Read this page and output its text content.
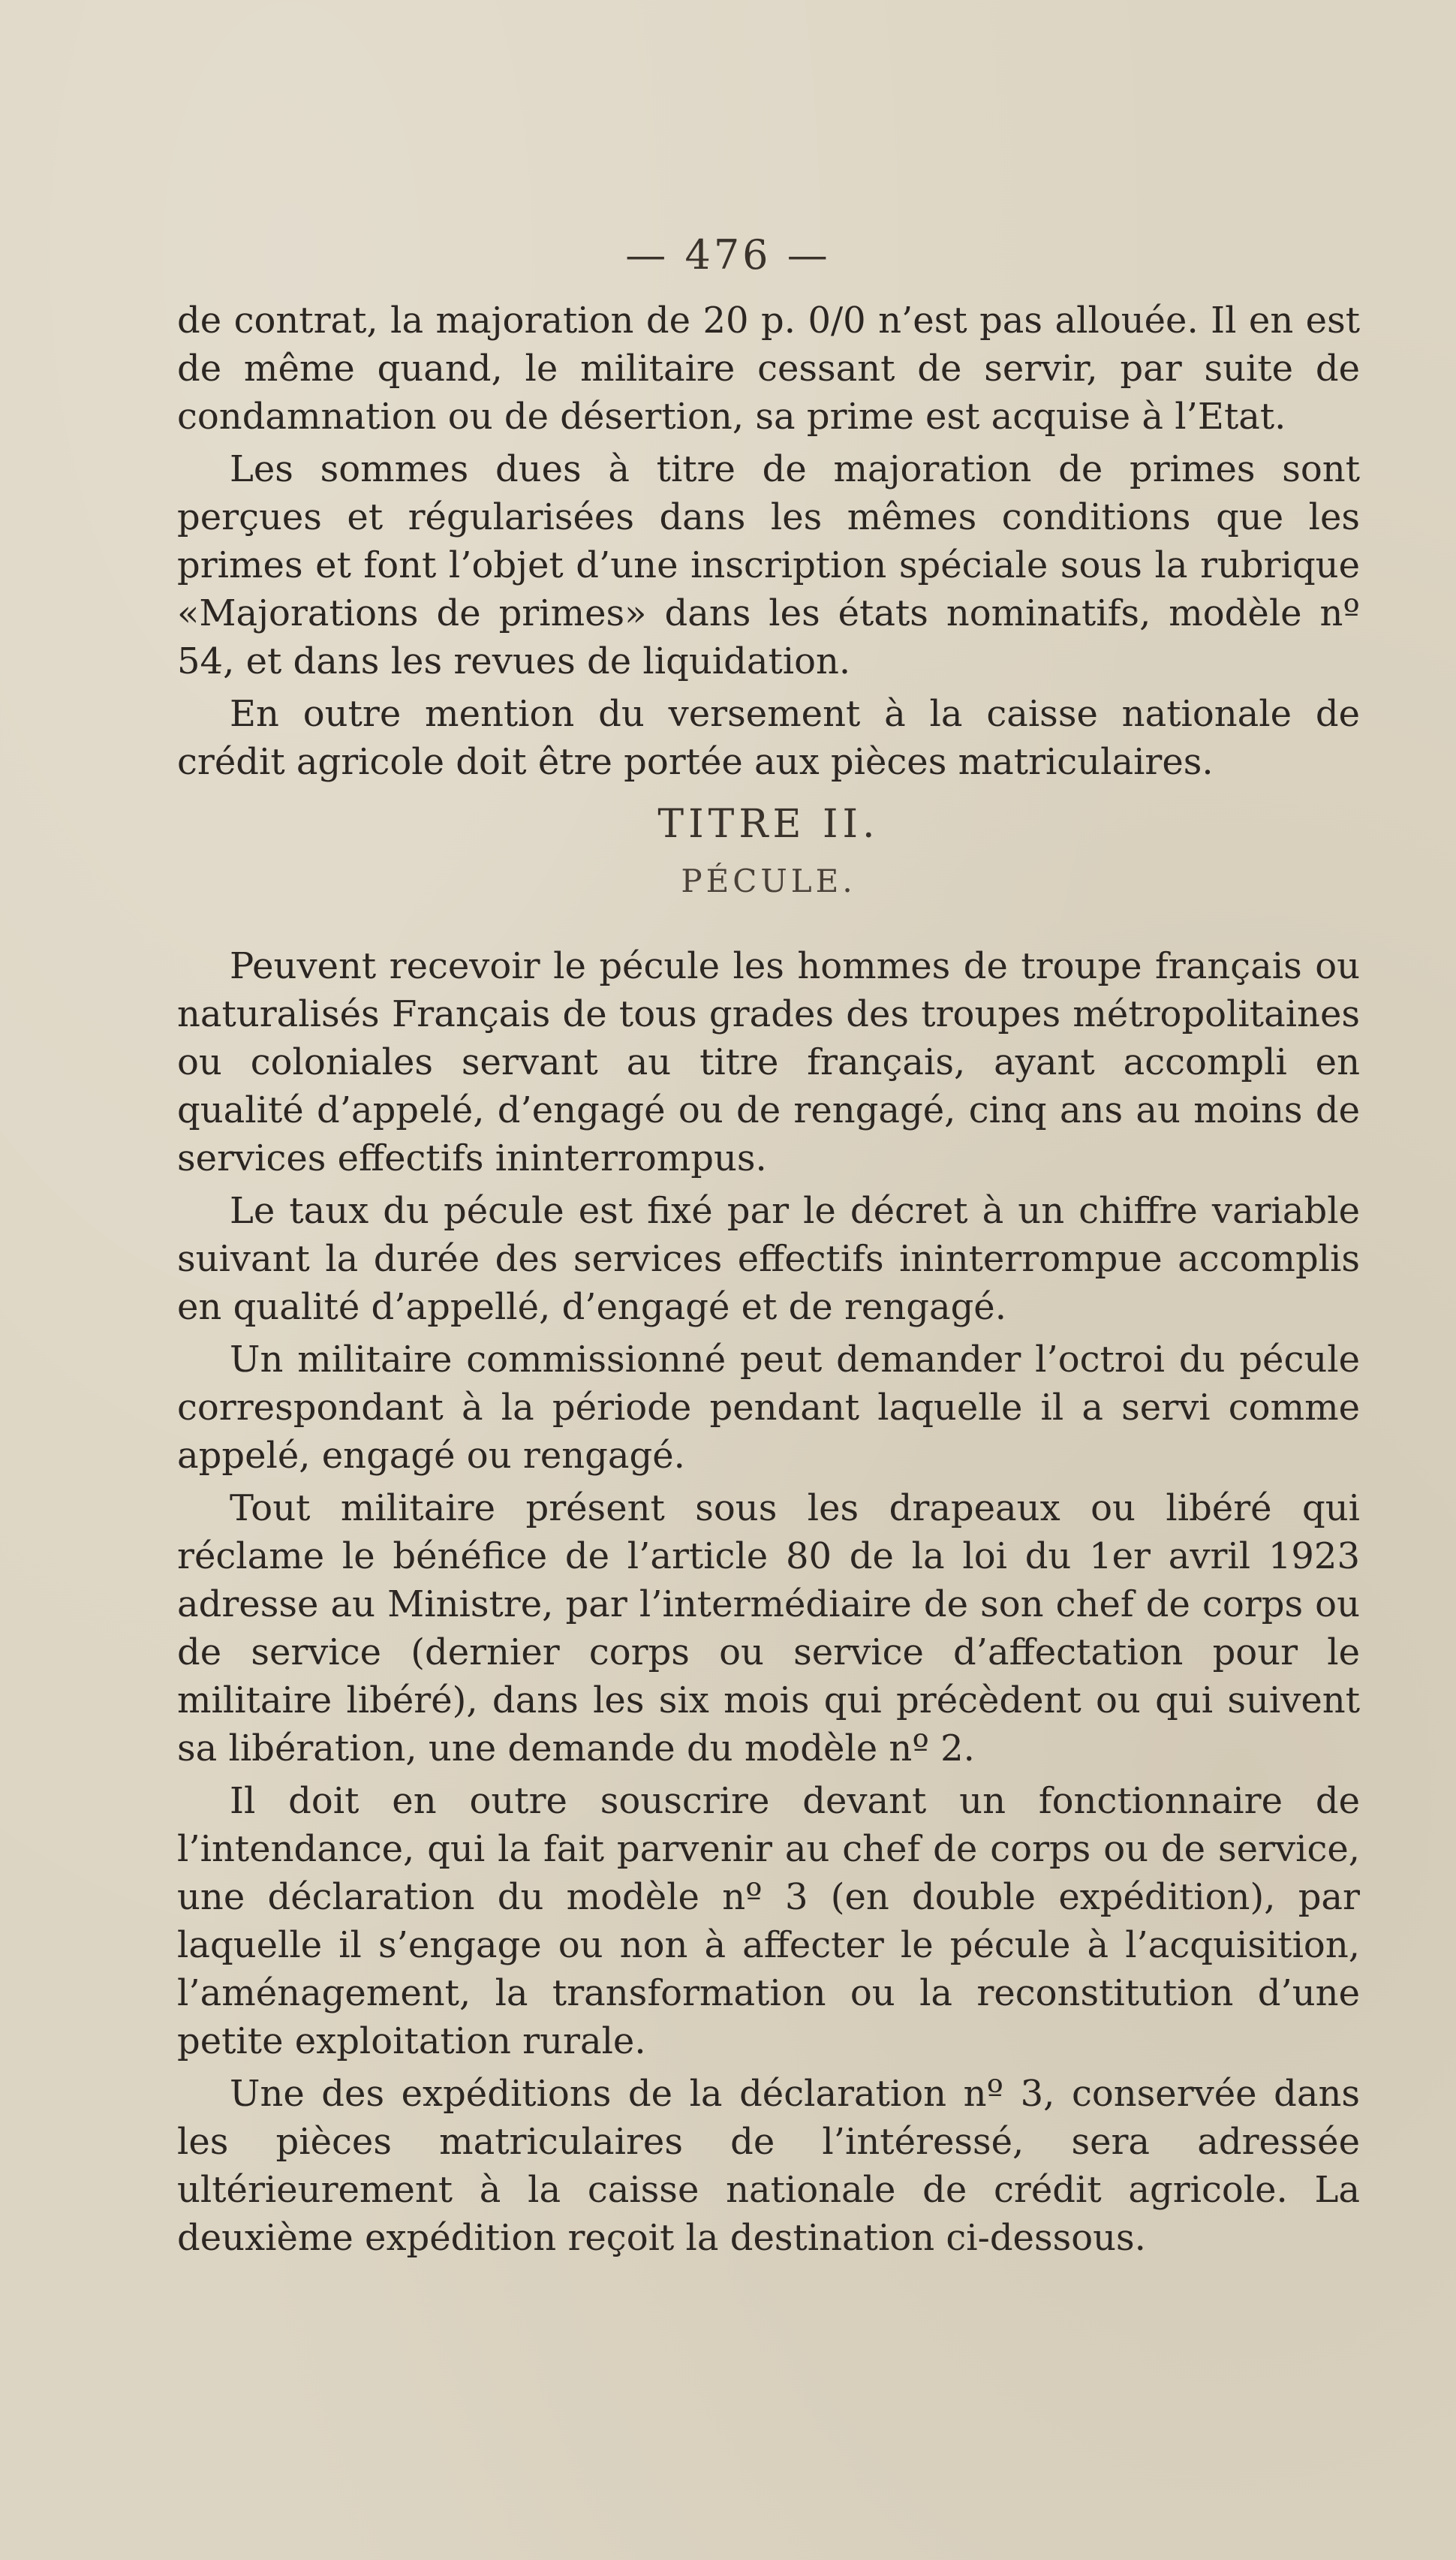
— 476 —

de contrat, la majoration de 20 p. 0/0 n’est pas allouée. Il en est de même quand, le militaire cessant de servir, par suite de condamnation ou de désertion, sa prime est acquise à l’Etat.

Les sommes dues à titre de majoration de primes sont perçues et régularisées dans les mêmes conditions que les primes et font l’objet d’une inscription spéciale sous la rubrique «Majorations de primes» dans les états nominatifs, modèle nº 54, et dans les revues de liquidation.

En outre mention du versement à la caisse nationale de crédit agricole doit être portée aux pièces matriculaires.

TITRE II.
PÉCULE.

Peuvent recevoir le pécule les hommes de troupe français ou naturalisés Français de tous grades des troupes métropolitaines ou coloniales servant au titre français, ayant accompli en qualité d’appelé, d’engagé ou de rengagé, cinq ans au moins de services effectifs ininterrompus.

Le taux du pécule est fixé par le décret à un chiffre variable suivant la durée des services effectifs ininterrompue accomplis en qualité d’appellé, d’engagé et de rengagé.

Un militaire commissionné peut demander l’octroi du pécule correspondant à la période pendant laquelle il a servi comme appelé, engagé ou rengagé.

Tout militaire présent sous les drapeaux ou libéré qui réclame le bénéfice de l’article 80 de la loi du 1er avril 1923 adresse au Ministre, par l’intermédiaire de son chef de corps ou de service (dernier corps ou service d’affectation pour le militaire libéré), dans les six mois qui précèdent ou qui suivent sa libération, une demande du modèle nº 2.

Il doit en outre souscrire devant un fonctionnaire de l’intendance, qui la fait parvenir au chef de corps ou de service, une déclaration du modèle nº 3 (en double expédition), par laquelle il s’engage ou non à affecter le pécule à l’acquisition, l’aménagement, la transformation ou la reconstitution d’une petite exploitation rurale.

Une des expéditions de la déclaration nº 3, conservée dans les pièces matriculaires de l’intéressé, sera adressée ultérieurement à la caisse nationale de crédit agricole. La deuxième expédition reçoit la destination ci-dessous.
